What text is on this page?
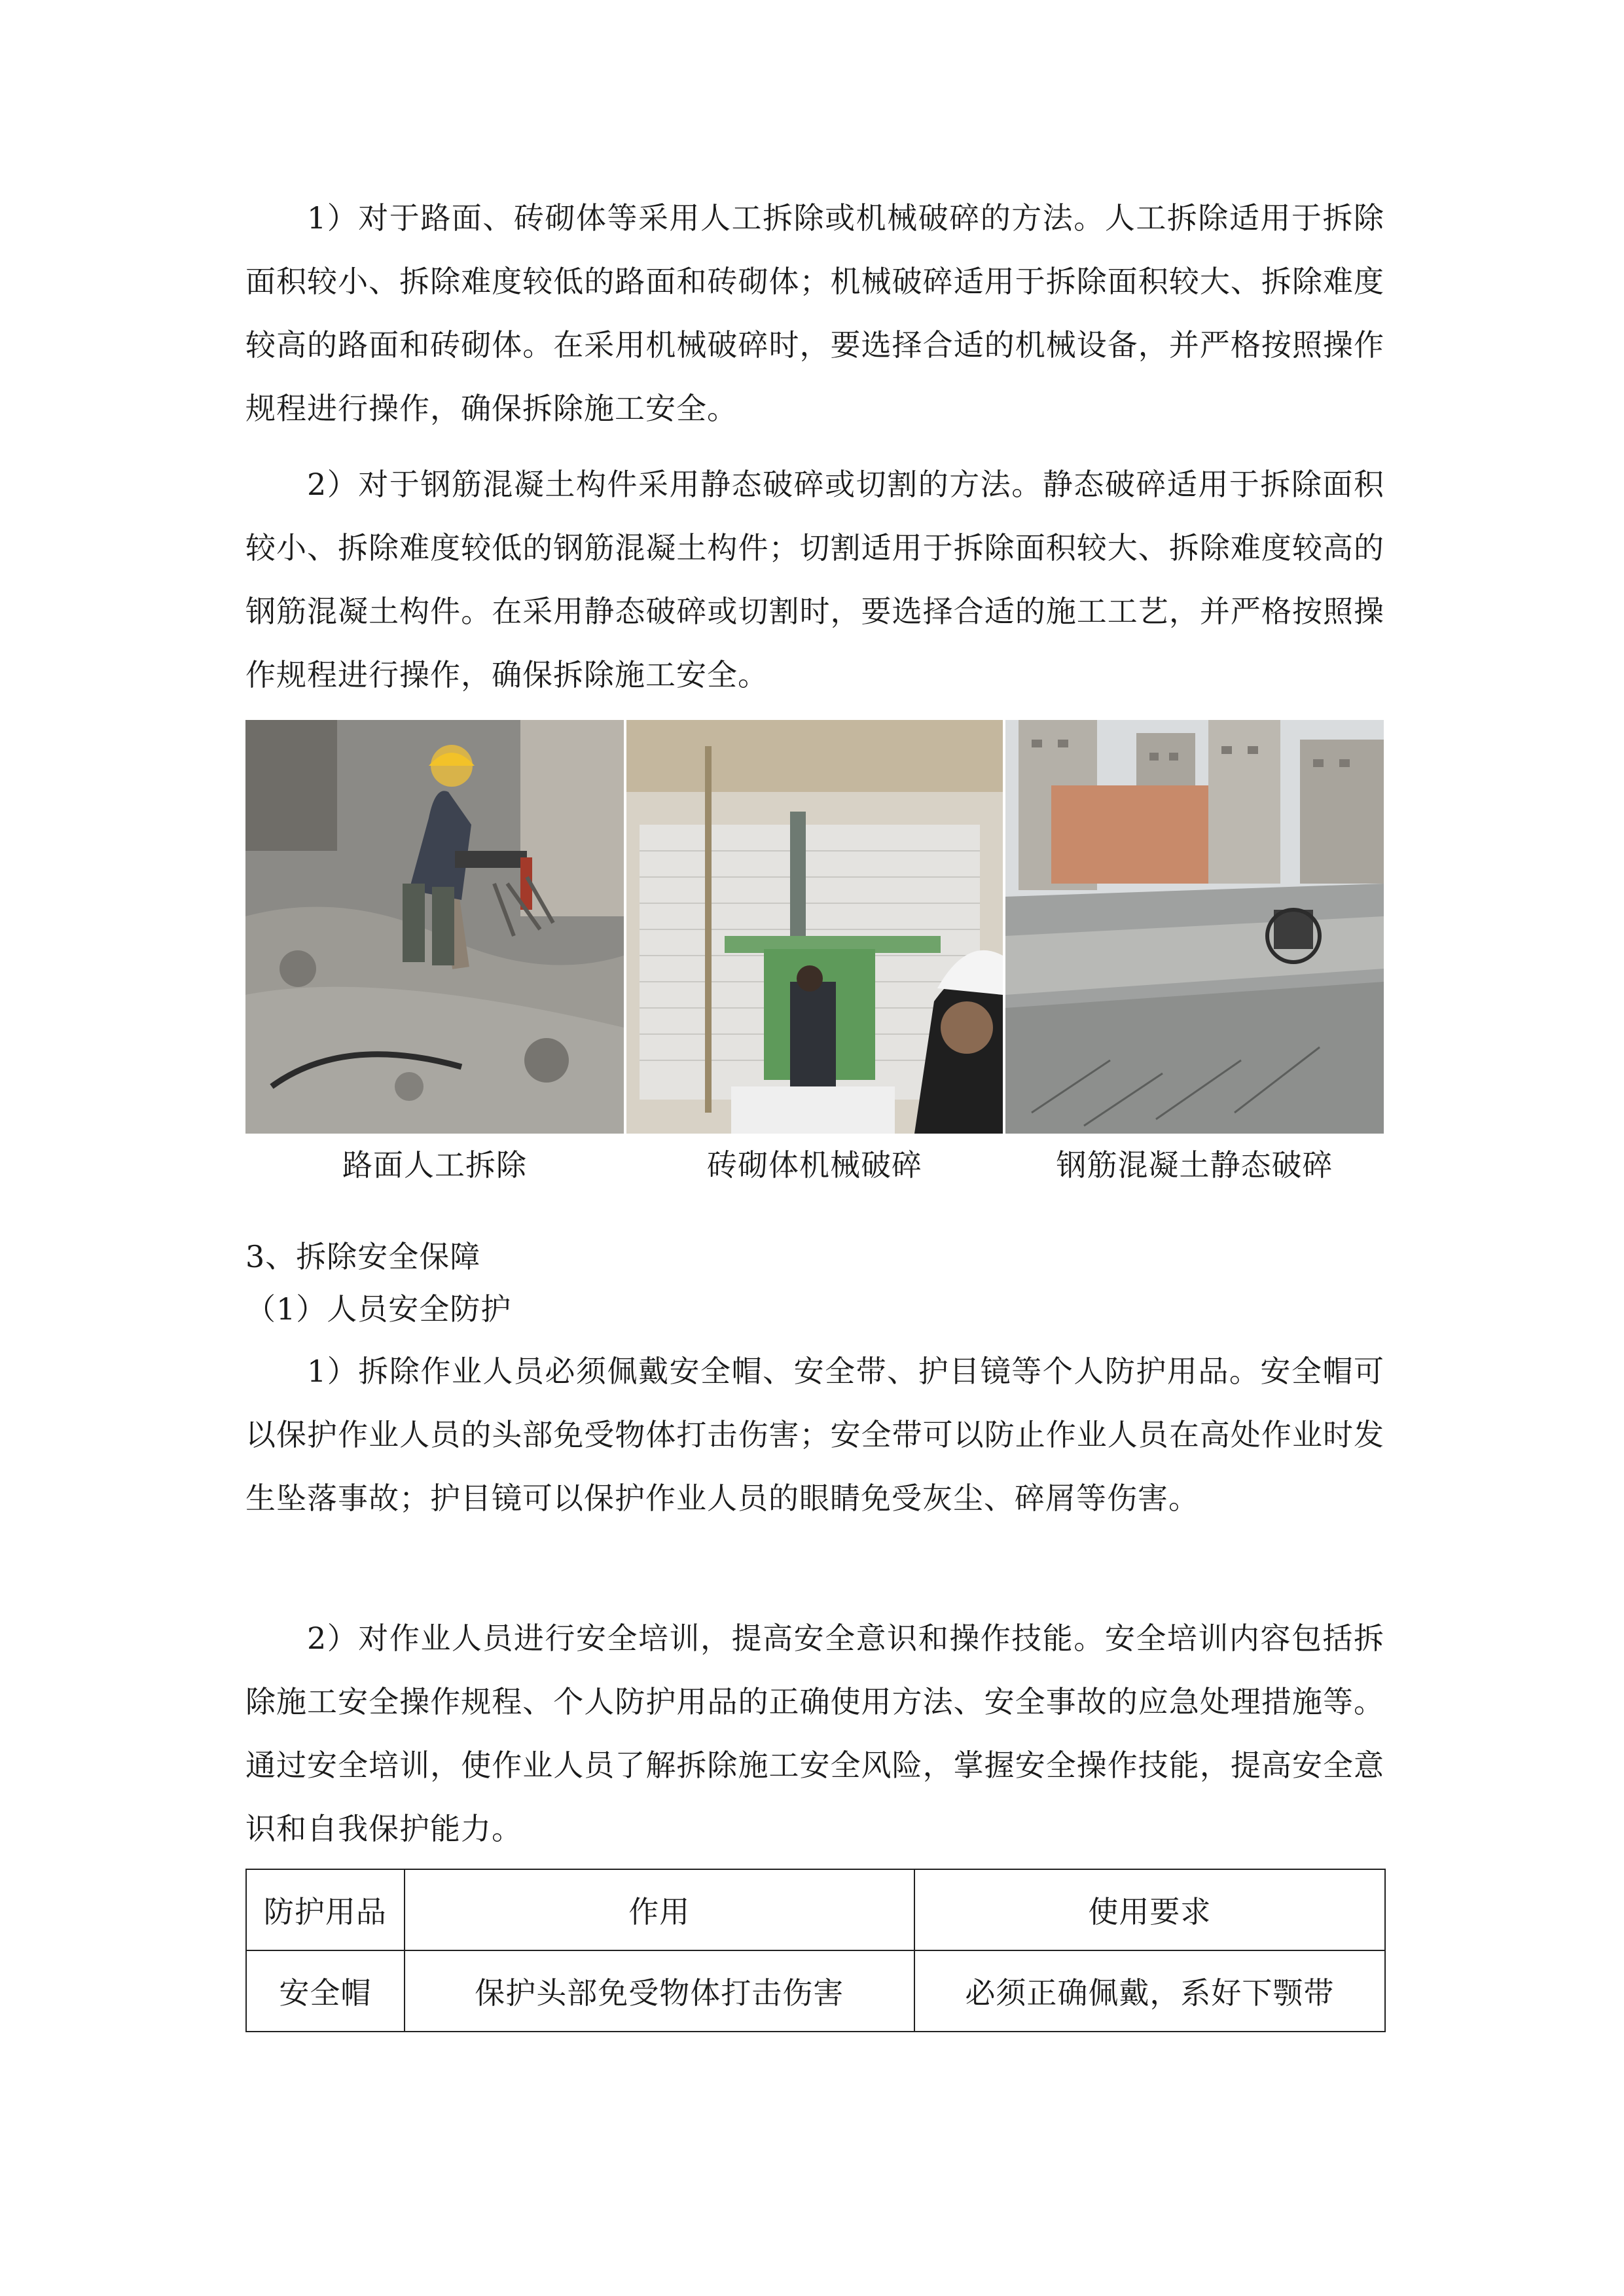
1）对于路面、砖砌体等采用人工拆除或机械破碎的方法。人工拆除适用于拆除面积较小、拆除难度较低的路面和砖砌体；机械破碎适用于拆除面积较大、拆除难度较高的路面和砖砌体。在采用机械破碎时，要选择合适的机械设备，并严格按照操作规程进行操作，确保拆除施工安全。

2）对于钢筋混凝土构件采用静态破碎或切割的方法。静态破碎适用于拆除面积较小、拆除难度较低的钢筋混凝土构件；切割适用于拆除面积较大、拆除难度较高的钢筋混凝土构件。在采用静态破碎或切割时，要选择合适的施工工艺，并严格按照操作规程进行操作，确保拆除施工安全。

路面人工拆除	砖砌体机械破碎	钢筋混凝土静态破碎
3、拆除安全保障
（1）人员安全防护

1）拆除作业人员必须佩戴安全帽、安全带、护目镜等个人防护用品。安全帽可以保护作业人员的头部免受物体打击伤害；安全带可以防止作业人员在高处作业时发生坠落事故；护目镜可以保护作业人员的眼睛免受灰尘、碎屑等伤害。

2）对作业人员进行安全培训，提高安全意识和操作技能。安全培训内容包括拆除施工安全操作规程、个人防护用品的正确使用方法、安全事故的应急处理措施等。通过安全培训，使作业人员了解拆除施工安全风险，掌握安全操作技能，提高安全意识和自我保护能力。

防护用品	作用	使用要求
安全帽	保护头部免受物体打击伤害	必须正确佩戴，系好下颚带
